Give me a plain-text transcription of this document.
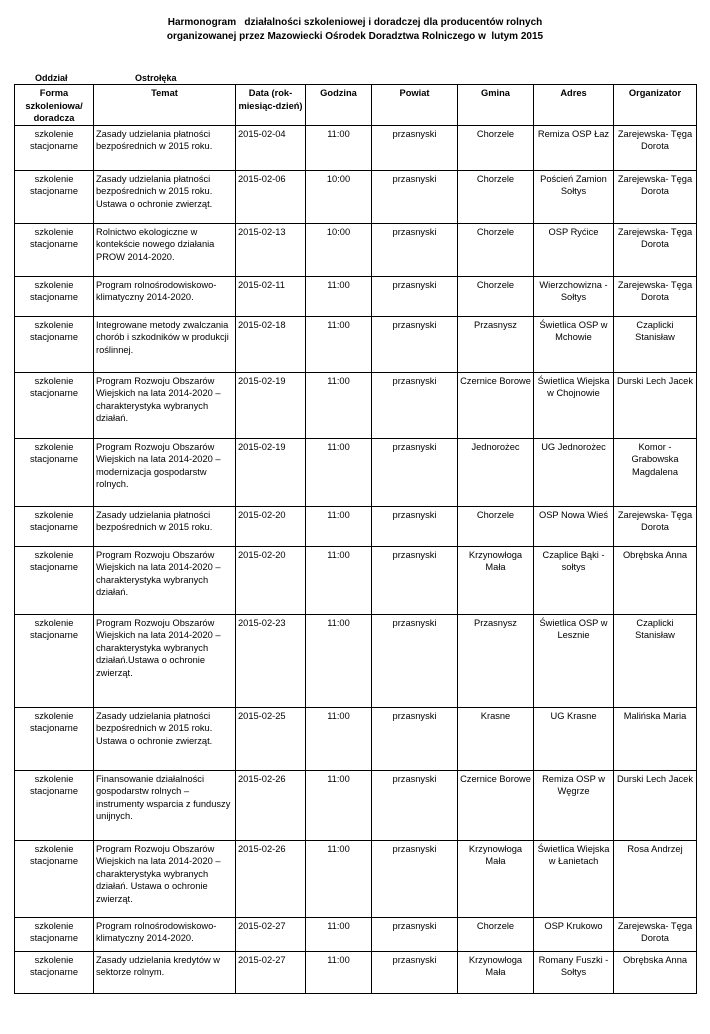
Harmonogram   działalności szkoleniowej i doradczej dla producentów rolnych
organizowanej przez Mazowiecki Ośrodek Doradztwa Rolniczego w  lutym 2015
Oddział	Ostrołęka
Forma szkoleniowa/ doradcza	Temat	Data (rok-miesiąc-dzień)	Godzina	Powiat	Gmina	Adres	Organizator
szkolenie stacjonarne	Zasady udzielania płatności bezpośrednich w 2015 roku.	2015-02-04	11:00	przasnyski	Chorzele	Remiza OSP Łaz	Zarejewska- Tęga Dorota
szkolenie stacjonarne	Zasady udzielania płatności bezpośrednich w 2015 roku. Ustawa o ochronie zwierząt.	2015-02-06	10:00	przasnyski	Chorzele	Poścień Zamion Sołtys	Zarejewska- Tęga Dorota
szkolenie stacjonarne	Rolnictwo ekologiczne w kontekście nowego działania PROW 2014-2020.	2015-02-13	10:00	przasnyski	Chorzele	OSP Ryćice	Zarejewska- Tęga Dorota
szkolenie stacjonarne	Program rolnośrodowiskowo-klimatyczny 2014-2020.	2015-02-11	11:00	przasnyski	Chorzele	Wierzchowizna - Sołtys	Zarejewska- Tęga Dorota
szkolenie stacjonarne	Integrowane metody zwalczania chorób i szkodników w produkcji roślinnej.	2015-02-18	11:00	przasnyski	Przasnysz	Świetlica OSP w Mchowie	Czaplicki Stanisław
szkolenie stacjonarne	Program Rozwoju Obszarów Wiejskich na lata 2014-2020 – charakterystyka wybranych działań.	2015-02-19	11:00	przasnyski	Czernice Borowe	Świetlica Wiejska w Chojnowie	Durski Lech Jacek
szkolenie stacjonarne	Program Rozwoju Obszarów Wiejskich na lata 2014-2020 – modernizacja gospodarstw rolnych.	2015-02-19	11:00	przasnyski	Jednorożec	UG Jednorożec	Komor - Grabowska Magdalena
szkolenie stacjonarne	Zasady udzielania płatności bezpośrednich w 2015 roku.	2015-02-20	11:00	przasnyski	Chorzele	OSP Nowa Wieś	Zarejewska- Tęga Dorota
szkolenie stacjonarne	Program Rozwoju Obszarów Wiejskich na lata 2014-2020 – charakterystyka wybranych działań.	2015-02-20	11:00	przasnyski	Krzynowłoga Mała	Czaplice Bąki - sołtys	Obrębska Anna
szkolenie stacjonarne	Program Rozwoju Obszarów Wiejskich na lata 2014-2020 – charakterystyka wybranych działań.Ustawa o ochronie zwierząt.	2015-02-23	11:00	przasnyski	Przasnysz	Świetlica OSP w Lesznie	Czaplicki Stanisław
szkolenie stacjonarne	Zasady udzielania płatności bezpośrednich w 2015 roku. Ustawa o ochronie zwierząt.	2015-02-25	11:00	przasnyski	Krasne	UG Krasne	Malińska Maria
szkolenie stacjonarne	Finansowanie działalności gospodarstw rolnych – instrumenty wsparcia z funduszy unijnych.	2015-02-26	11:00	przasnyski	Czernice Borowe	Remiza OSP w Węgrze	Durski Lech Jacek
szkolenie stacjonarne	Program Rozwoju Obszarów Wiejskich na lata 2014-2020 – charakterystyka wybranych działań. Ustawa o ochronie zwierząt.	2015-02-26	11:00	przasnyski	Krzynowłoga Mała	Świetlica Wiejska w Łanietach	Rosa Andrzej
szkolenie stacjonarne	Program rolnośrodowiskowo-klimatyczny 2014-2020.	2015-02-27	11:00	przasnyski	Chorzele	OSP Krukowo	Zarejewska- Tęga Dorota
szkolenie stacjonarne	Zasady udzielania kredytów w sektorze rolnym.	2015-02-27	11:00	przasnyski	Krzynowłoga Mała	Romany Fuszki - Sołtys	Obrębska Anna
